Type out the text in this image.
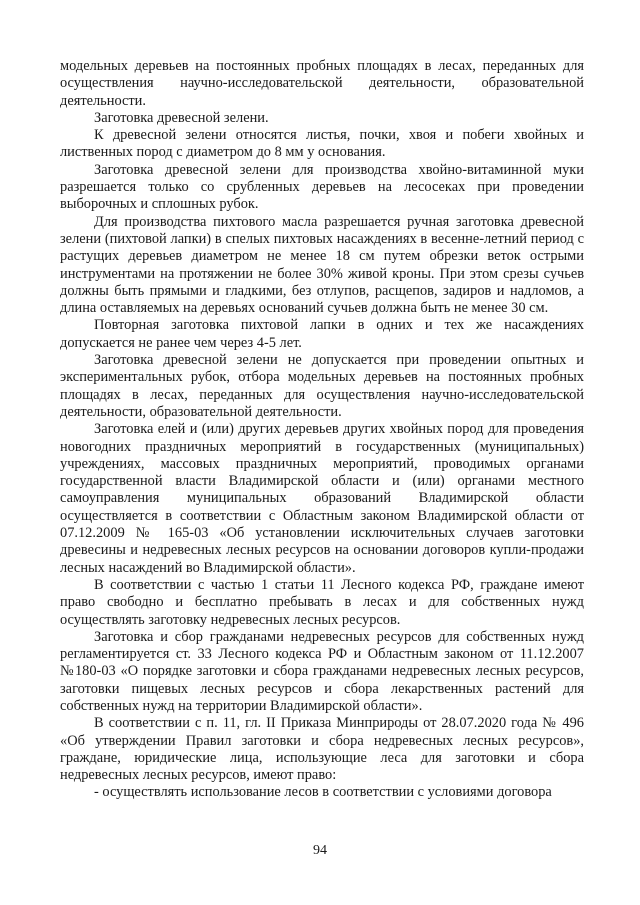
модельных деревьев на постоянных пробных площадях в лесах, переданных для осуществления научно-исследовательской деятельности, образовательной деятельности.

Заготовка древесной зелени.

К древесной зелени относятся листья, почки, хвоя и побеги хвойных и лиственных пород с диаметром до 8 мм у основания.

Заготовка древесной зелени для производства хвойно-витаминной муки разрешается только со срубленных деревьев на лесосеках при проведении выборочных и сплошных рубок.

Для производства пихтового масла разрешается ручная заготовка древесной зелени (пихтовой лапки) в спелых пихтовых насаждениях в весенне-летний период с растущих деревьев диаметром не менее 18 см путем обрезки веток острыми инструментами на протяжении не более 30% живой кроны. При этом срезы сучьев должны быть прямыми и гладкими, без отлупов, расщепов, задиров и надломов, а длина оставляемых на деревьях оснований сучьев должна быть не менее 30 см.

Повторная заготовка пихтовой лапки в одних и тех же насаждениях допускается не ранее чем через 4-5 лет.

Заготовка древесной зелени не допускается при проведении опытных и экспериментальных рубок, отбора модельных деревьев на постоянных пробных площадях в лесах, переданных для осуществления научно-исследовательской деятельности, образовательной деятельности.

Заготовка елей и (или) других деревьев других хвойных пород для проведения новогодних праздничных мероприятий в государственных (муниципальных) учреждениях, массовых праздничных мероприятий, проводимых органами государственной власти Владимирской области и (или) органами местного самоуправления муниципальных образований Владимирской области осуществляется в соответствии с Областным законом Владимирской области от 07.12.2009 № 165-03 «Об установлении исключительных случаев заготовки древесины и недревесных лесных ресурсов на основании договоров купли-продажи лесных насаждений во Владимирской области».

В соответствии с частью 1 статьи 11 Лесного кодекса РФ, граждане имеют право свободно и бесплатно пребывать в лесах и для собственных нужд осуществлять заготовку недревесных лесных ресурсов.

Заготовка и сбор гражданами недревесных ресурсов для собственных нужд регламентируется ст. 33 Лесного кодекса РФ и Областным законом от 11.12.2007 №180-03 «О порядке заготовки и сбора гражданами недревесных лесных ресурсов, заготовки пищевых лесных ресурсов и сбора лекарственных растений для собственных нужд на территории Владимирской области».

В соответствии с п. 11, гл. II Приказа Минприроды от 28.07.2020 года № 496 «Об утверждении Правил заготовки и сбора недревесных лесных ресурсов», граждане, юридические лица, использующие леса для заготовки и сбора недревесных лесных ресурсов, имеют право:

- осуществлять использование лесов в соответствии с условиями договора

94
